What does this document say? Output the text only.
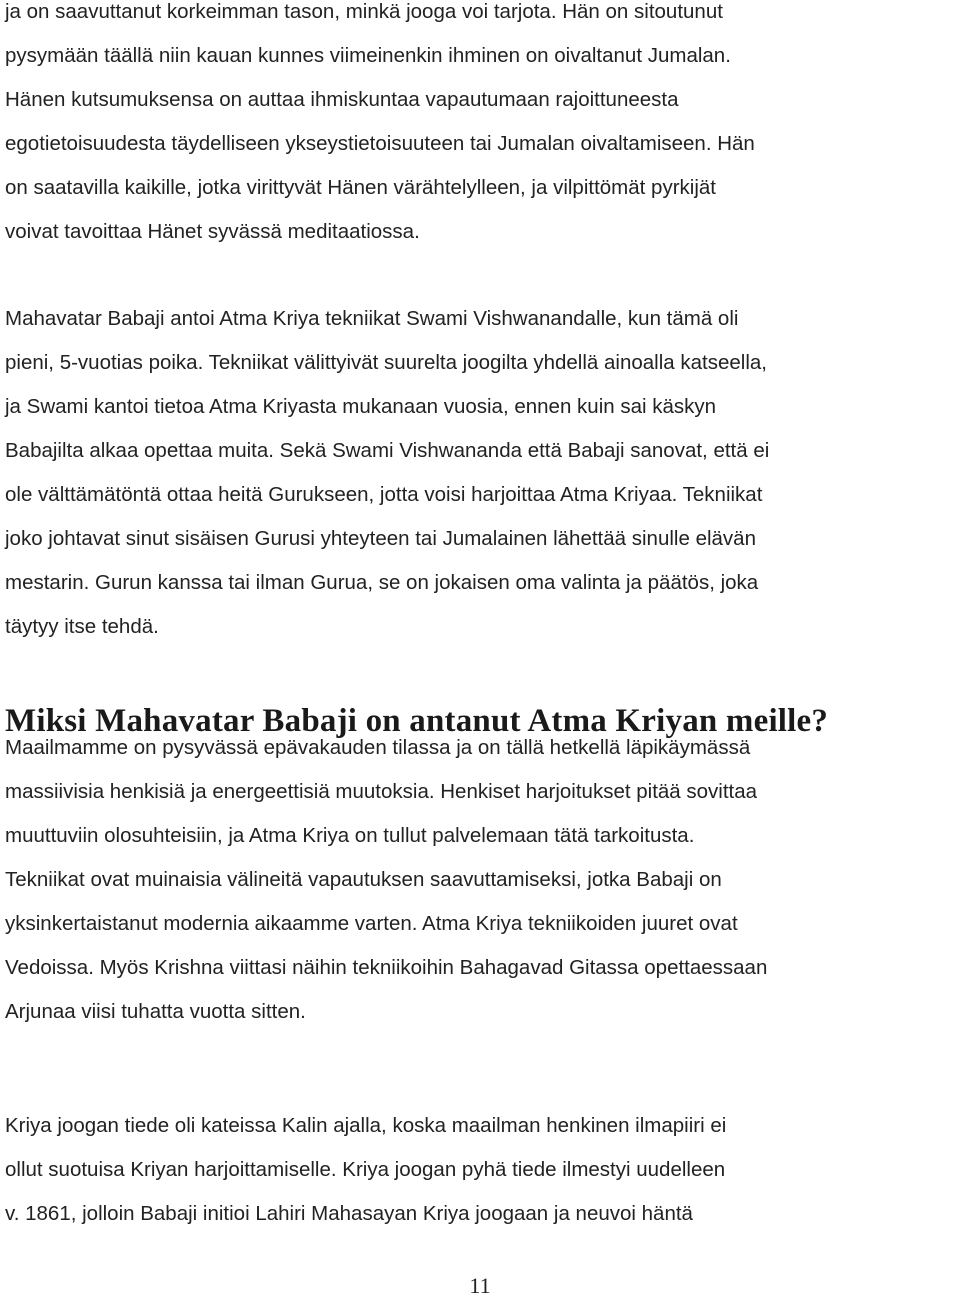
ja on saavuttanut korkeimman tason, minkä jooga voi tarjota. Hän on sitoutunut
pysymään täällä niin kauan kunnes viimeinenkin ihminen on oivaltanut Jumalan.
Hänen kutsumuksensa on auttaa ihmiskuntaa vapautumaan rajoittuneesta
egotietoisuudesta täydelliseen ykseystietoisuuteen tai Jumalan oivaltamiseen. Hän
on saatavilla kaikille, jotka virittyvät Hänen värähtelylleen, ja vilpittömät pyrkijät
voivat tavoittaa Hänet syvässä meditaatiossa.

Mahavatar Babaji antoi Atma Kriya tekniikat Swami Vishwanandalle, kun tämä oli
pieni, 5-vuotias poika. Tekniikat välittyivät suurelta joogilta yhdellä ainoalla katseella,
ja Swami kantoi tietoa Atma Kriyasta mukanaan vuosia, ennen kuin sai käskyn
Babajilta alkaa opettaa muita. Sekä Swami Vishwananda että Babaji sanovat, että ei
ole välttämätöntä ottaa heitä Gurukseen, jotta voisi harjoittaa Atma Kriyaa. Tekniikat
joko johtavat sinut sisäisen Gurusi yhteyteen tai Jumalainen lähettää sinulle elävän
mestarin. Gurun kanssa tai ilman Gurua, se on jokaisen oma valinta ja päätös, joka
täytyy itse tehdä.

Miksi Mahavatar Babaji on antanut Atma Kriyan meille?

Maailmamme on pysyvässä epävakauden tilassa ja on tällä hetkellä läpikäymässä
massiivisia henkisiä ja energeettisiä muutoksia. Henkiset harjoitukset pitää sovittaa
muuttuviin olosuhteisiin, ja Atma Kriya on tullut palvelemaan tätä tarkoitusta.
Tekniikat ovat muinaisia välineitä vapautuksen saavuttamiseksi, jotka Babaji on
yksinkertaistanut modernia aikaamme varten. Atma Kriya tekniikoiden juuret ovat
Vedoissa. Myös Krishna viittasi näihin tekniikoihin Bahagavad Gitassa opettaessaan
Arjunaa viisi tuhatta vuotta sitten.

Kriya joogan tiede oli kateissa Kalin ajalla, koska maailman henkinen ilmapiiri ei
ollut suotuisa Kriyan harjoittamiselle. Kriya joogan pyhä tiede ilmestyi uudelleen
v. 1861, jolloin Babaji initioi Lahiri Mahasayan Kriya joogaan ja neuvoi häntä

11
